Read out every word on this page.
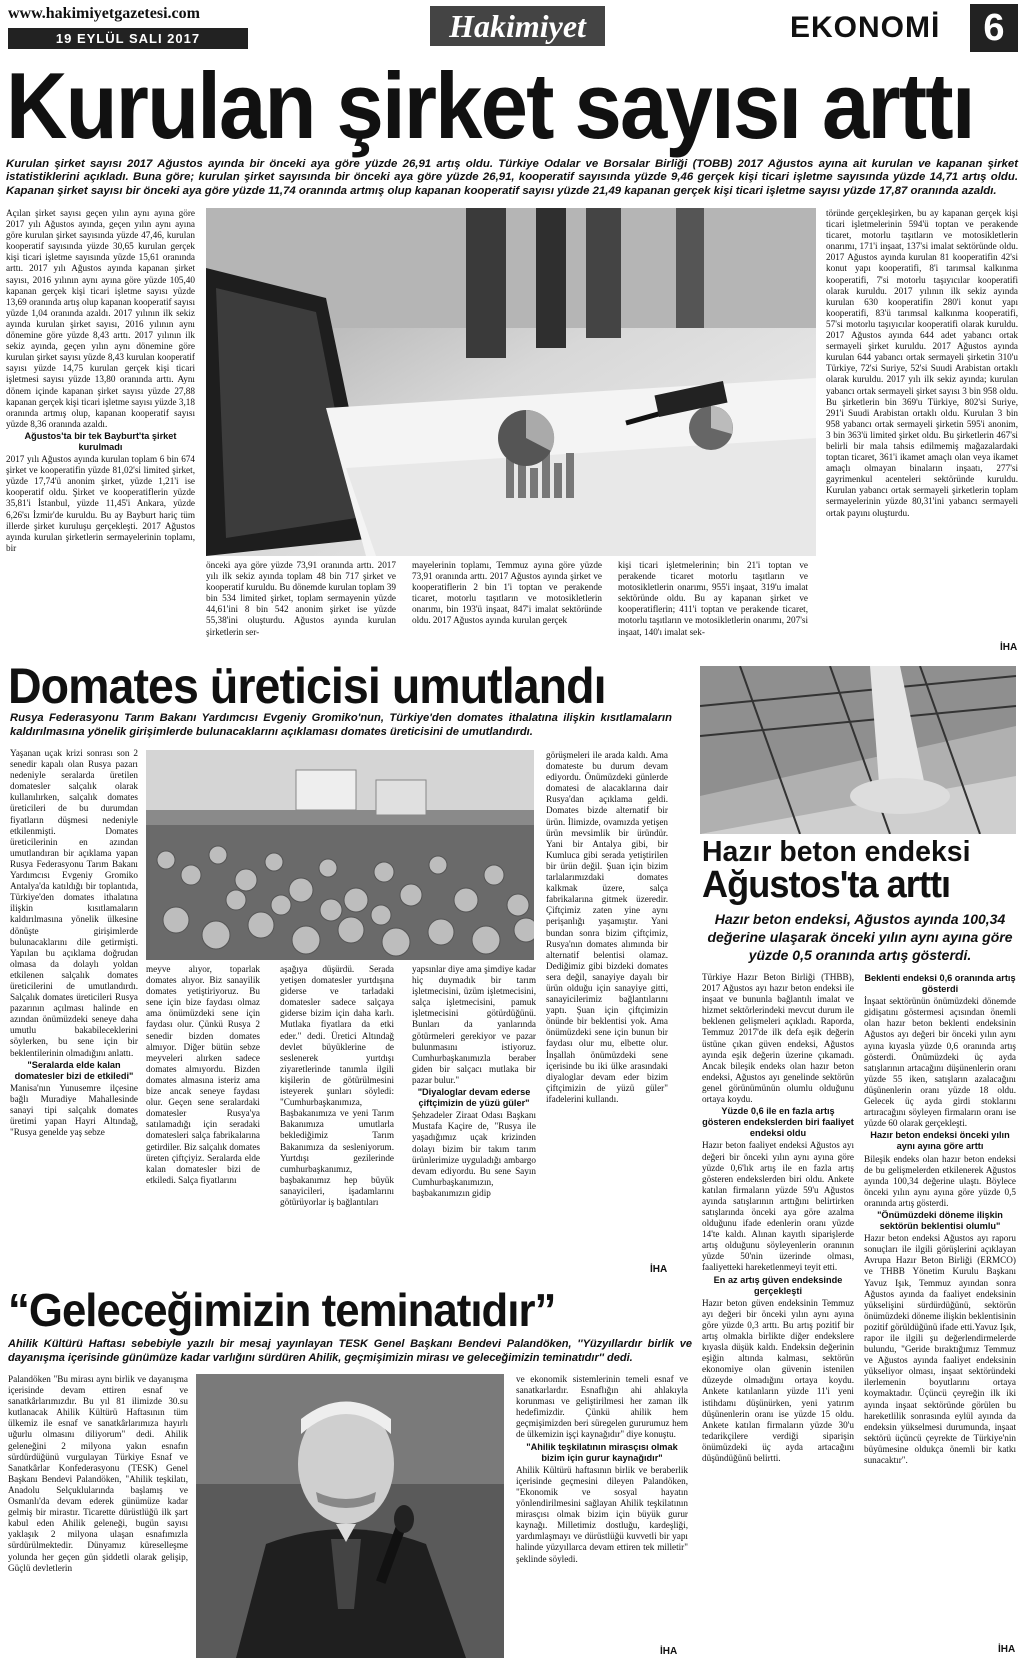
www.hakimiyetgazetesi.com
19 EYLÜL SALI 2017	Hakimiyet	EKONOMİ	6
Kurulan şirket sayısı arttı
Kurulan şirket sayısı 2017 Ağustos ayında bir önceki aya göre yüzde 26,91 artış oldu. Türkiye Odalar ve Borsalar Birliği (TOBB) 2017 Ağustos ayına ait kurulan ve kapanan şirket istatistiklerini açıkladı. Buna göre; kurulan şirket sayısında bir önceki aya göre yüzde 26,91, kooperatif sayısında yüzde 9,46 gerçek kişi ticari işletme sayısında yüzde 14,71 artış oldu. Kapanan şirket sayısı bir önceki aya göre yüzde 11,74 oranında artmış olup kapanan kooperatif sayısı yüzde 21,49 kapanan gerçek kişi ticari işletme sayısı yüzde 17,87 oranında azaldı.

Açılan şirket sayısı geçen yılın aynı ayına göre 2017 yılı Ağustos ayında, geçen yılın aynı ayına göre kurulan şirket sayısında yüzde 47,46, kurulan kooperatif sayısında yüzde 30,65 kurulan gerçek kişi ticari işletme sayısında yüzde 15,61 oranında arttı. 2017 yılı Ağustos ayında kapanan şirket sayısı, 2016 yılının aynı ayına göre yüzde 105,40 kapanan gerçek kişi ticari işletme sayısı yüzde 13,69 oranında artış olup kapanan kooperatif sayısı yüzde 1,04 oranında azaldı. 2017 yılının ilk sekiz ayında kurulan şirket sayısı, 2016 yılının aynı dönemine göre yüzde 8,43 arttı. 2017 yılının ilk sekiz ayında, geçen yılın aynı dönemine göre kurulan şirket sayısı yüzde 8,43 kurulan kooperatif sayısı yüzde 14,75 kurulan gerçek kişi ticari işletmesi sayısı yüzde 13,80 oranında arttı. Aynı dönem içinde kapanan şirket sayısı yüzde 27,88 kapanan gerçek kişi ticari işletme sayısı yüzde 3,18 oranında artmış olup, kapanan kooperatif sayısı yüzde 8,36 oranında azaldı.

Ağustos'ta bir tek Bayburt'ta şirket kurulmadı

2017 yılı Ağustos ayında kurulan toplam 6 bin 674 şirket ve kooperatifin yüzde 81,02'si limited şirket, yüzde 17,74'ü anonim şirket, yüzde 1,21'i ise kooperatif oldu. Şirket ve kooperatiflerin yüzde 35,81'i İstanbul, yüzde 11,45'i Ankara, yüzde 6,26'sı İzmir'de kuruldu. Bu ay Bayburt hariç tüm illerde şirket kuruluşu gerçekleşti. 2017 Ağustos ayında kurulan şirketlerin sermayelerinin toplamı, bir

önceki aya göre yüzde 73,91 oranında arttı. 2017 yılı ilk sekiz ayında toplam 48 bin 717 şirket ve kooperatif kuruldu. Bu dönemde kurulan toplam 39 bin 534 limited şirket, toplam sermayenin yüzde 44,61'ini 8 bin 542 anonim şirket ise yüzde 55,38'ini oluşturdu. Ağustos ayında kurulan şirketlerin ser-

mayelerinin toplamı, Temmuz ayına göre yüzde 73,91 oranında arttı. 2017 Ağustos ayında şirket ve kooperatiflerin 2 bin 1'i toptan ve perakende ticaret, motorlu taşıtların ve motosikletlerin onarımı, bin 193'ü inşaat, 847'i imalat sektöründe oldu. 2017 Ağustos ayında kurulan gerçek

kişi ticari işletmelerinin; bin 21'i toptan ve perakende ticaret motorlu taşıtların ve motosikletlerin onarımı, 955'i inşaat, 319'u imalat sektöründe oldu. Bu ay kapanan şirket ve kooperatiflerin; 411'i toptan ve perakende ticaret, motorlu taşıtların ve motosikletlerin onarımı, 207'si inşaat, 140'ı imalat sek-

töründe gerçekleşirken, bu ay kapanan gerçek kişi ticari işletmelerinin 594'ü toptan ve perakende ticaret, motorlu taşıtların ve motosikletlerin onarımı, 171'i inşaat, 137'si imalat sektöründe oldu. 2017 Ağustos ayında kurulan 81 kooperatifin 42'si konut yapı kooperatifi, 8'i tarımsal kalkınma kooperatifi, 7'si motorlu taşıyıcılar kooperatifi olarak kuruldu. 2017 yılının ilk sekiz ayında kurulan 630 kooperatifin 280'i konut yapı kooperatifi, 83'ü tarımsal kalkınma kooperatifi, 57'si motorlu taşıyıcılar kooperatifi olarak kuruldu. 2017 Ağustos ayında 644 adet yabancı ortak sermayeli şirket kuruldu. 2017 Ağustos ayında kurulan 644 yabancı ortak sermayeli şirketin 310'u Türkiye, 72'si Suriye, 52'si Suudi Arabistan ortaklı olarak kuruldu. 2017 yılı ilk sekiz ayında; kurulan yabancı ortak sermayeli şirket sayısı 3 bin 958 oldu. Bu şirketlerin bin 369'u Türkiye, 802'si Suriye, 291'i Suudi Arabistan ortaklı oldu. Kurulan 3 bin 958 yabancı ortak sermayeli şirketin 595'i anonim, 3 bin 363'ü limited şirket oldu. Bu şirketlerin 467'si belirli bir mala tahsis edilmemiş mağazalardaki toptan ticaret, 361'i ikamet amaçlı olan veya ikamet amaçlı olmayan binaların inşaatı, 277'si gayrimenkul acenteleri sektöründe kuruldu. Kurulan yabancı ortak sermayeli şirketlerin toplam sermayelerinin yüzde 80,31'ini yabancı sermayeli ortak payını oluşturdu.

İHA
Domates üreticisi umutlandı
Rusya Federasyonu Tarım Bakanı Yardımcısı Evgeniy Gromiko'nun, Türkiye'den domates ithalatına ilişkin kısıtlamaların kaldırılmasına yönelik girişimlerde bulunacaklarını açıklaması domates üreticisini de umutlandırdı.

Yaşanan uçak krizi sonrası son 2 senedir kapalı olan Rusya pazarı nedeniyle seralarda üretilen domatesler salçalık olarak kullanılırken, salçalık domates üreticileri de bu durumdan fiyatların düşmesi nedeniyle etkilenmişti. Domates üreticilerinin en azından umutlandıran bir açıklama yapan Rusya Federasyonu Tarım Bakanı Yardımcısı Evgeniy Gromiko Antalya'da katıldığı bir toplantıda, Türkiye'den domates ithalatına ilişkin kısıtlamaların kaldırılmasına yönelik ülkesine dönüşte girişimlerde bulunacaklarını dile getirmişti. Yapılan bu açıklama doğrudan olmasa da dolaylı yoldan etkilenen salçalık domates üreticilerini de umutlandırdı. Salçalık domates üreticileri Rusya pazarının açılması halinde en azından önümüzdeki seneye daha umutlu bakabileceklerini söylerken, bu sene için bir beklentilerinin olmadığını anlattı.

"Seralarda elde kalan domatesler bizi de etkiledi"

Manisa'nın Yunusemre ilçesine bağlı Muradiye Mahallesinde sanayi tipi salçalık domates üretimi yapan Hayri Altındağ, "Rusya genelde yaş sebze

meyve alıyor, toparlak domates alıyor. Biz sanayilik domates yetiştiriyoruz. Bu sene için bize faydası olmaz ama önümüzdeki sene için faydası olur. Çünkü Rusya 2 senedir bizden domates almıyor. Diğer bütün sebze meyveleri alırken sadece domates almıyordu. Bizden domates almasına isteriz ama bize ancak seneye faydası olur. Geçen sene seralardaki domatesler Rusya'ya satılamadığı için seradaki domatesleri salça fabrikalarına getirdiler. Biz salçalık domates üreten çiftçiyiz. Seralarda elde kalan domatesler bizi de etkiledi. Salça fiyatlarını

aşağıya düşürdü. Serada yetişen domatesler yurtdışına giderse ve tarladaki domatesler sadece salçaya giderse bizim için daha karlı. Mutlaka fiyatlara da etki eder." dedi. Üretici Altındağ devlet büyüklerine de seslenerek yurtdışı ziyaretlerinde tanımla ilgili kişilerin de götürülmesini isteyerek şunları söyledi: "Cumhurbaşkanımıza, Başbakanımıza ve yeni Tarım Bakanımıza umutlarla beklediğimiz Tarım Bakanımıza da sesleniyorum. Yurtdışı gezilerinde cumhurbaşkanımız, başbakanımız hep büyük sanayicileri, işadamlarını götürüyorlar iş bağlantıları

yapsınlar diye ama şimdiye kadar hiç duymadık bir tarım işletmecisini, üzüm işletmecisini, salça işletmecisini, pamuk işletmecisini götürdüğünü. Bunları da yanlarında götürmeleri gerekiyor ve pazar bulunmasını istiyoruz. Cumhurbaşkanımızla beraber giden bir salçacı mutlaka bir pazar bulur."

"Diyaloglar devam ederse çiftçimizin de yüzü güler"

Şehzadeler Ziraat Odası Başkanı Mustafa Kaçire de, "Rusya ile yaşadığımız uçak krizinden dolayı bizim bir takım tarım ürünlerimize uyguladığı ambargo devam ediyordu. Bu sene Sayın Cumhurbaşkanımızın, başbakanımızın gidip

görüşmeleri ile arada kaldı. Ama domateste bu durum devam ediyordu. Önümüzdeki günlerde domatesi de alacaklarına dair Rusya'dan açıklama geldi. Domates bizde alternatif bir ürün. İlimizde, ovamızda yetişen ürün mevsimlik bir üründür. Yani bir Antalya gibi, bir Kumluca gibi serada yetiştirilen bir ürün değil. Şuan için bizim tarlalarımızdaki domates kalkmak üzere, salça fabrikalarına gitmek üzeredir. Çiftçimiz zaten yine aynı perişanlığı yaşamıştır. Yani bundan sonra bizim çiftçimiz, Rusya'nın domates alımında bir alternatif belentisi olamaz. Dediğimiz gibi bizdeki domates sera değil, sanayiye dayalı bir ürün olduğu için sanayiye gitti, sanayicilerimiz bağlantılarını yaptı. Şuan için çiftçimizin önünde bir beklentisi yok. Ama önümüzdeki sene için bunun bir faydası olur mu, elbette olur. İnşallah önümüzdeki sene içerisinde bu iki ülke arasındaki diyaloglar devam eder bizim çiftçimizin de yüzü güler" ifadelerini kullandı.

İHA
Hazır beton endeksi
Ağustos'ta arttı
Hazır beton endeksi, Ağustos ayında 100,34 değerine ulaşarak önceki yılın aynı ayına göre yüzde 0,5 oranında artış gösterdi.

Türkiye Hazır Beton Birliği (THBB), 2017 Ağustos ayı hazır beton endeksi ile inşaat ve bununla bağlantılı imalat ve hizmet sektörlerindeki mevcut durum ile beklenen gelişmeleri açıkladı. Raporda, Temmuz 2017'de ilk defa eşik değerin üstüne çıkan güven endeksi, Ağustos ayında eşik değerin üzerine çıkamadı. Ancak bileşik endeks olan hazır beton endeksi, Ağustos ayı genelinde sektörün genel görünümünün olumlu olduğunu ortaya koydu.

Yüzde 0,6 ile en fazla artış gösteren endekslerden biri faaliyet endeksi oldu

Hazır beton faaliyet endeksi Ağustos ayı değeri bir önceki yılın aynı ayına göre yüzde 0,6'lık artış ile en fazla artış gösteren endekslerden biri oldu. Ankete katılan firmaların yüzde 59'u Ağustos ayında satışlarının arttığını belirtirken satışlarında önceki aya göre azalma olduğunu ifade edenlerin oranı yüzde 14'te kaldı. Alınan kayıtlı siparişlerde artış olduğunu söyleyenlerin oranının yüzde 50'nin üzerinde olması, faaliyetteki hareketlenmeyi teyit etti.

En az artış güven endeksinde gerçekleşti

Hazır beton güven endeksinin Temmuz ayı değeri bir önceki yılın aynı ayına göre yüzde 0,3 arttı. Bu artış pozitif bir artış olmakla birlikte diğer endekslere kıyasla düşük kaldı. Endeksin değerinin eşiğin altında kalması, sektörün ekonomiye olan güvenin istenilen düzeyde olmadığını ortaya koydu. Ankete katılanların yüzde 11'i yeni istihdamı düşünürken, yeni yatırım düşünenlerin oranı ise yüzde 15 oldu. Ankete katılan firmaların yüzde 30'u tedarikçilere verdiği siparişin önümüzdeki üç ayda artacağını düşündüğünü belirtti.

Beklenti endeksi 0,6 oranında artış gösterdi

İnşaat sektörünün önümüzdeki dönemde gidişatını göstermesi açısından önemli olan hazır beton beklenti endeksinin Ağustos ayı değeri bir önceki yılın aynı ayına kıyasla yüzde 0,6 oranında artış gösterdi. Önümüzdeki üç ayda satışlarının artacağını düşünenlerin oranı yüzde 55 iken, satışların azalacağını düşünenlerin oranı yüzde 18 oldu. Gelecek üç ayda girdi stoklarını artıracağını söyleyen firmaların oranı ise yüzde 60 olarak gerçekleşti.

Hazır beton endeksi önceki yılın aynı ayına göre arttı

Bileşik endeks olan hazır beton endeksi de bu gelişmelerden etkilenerek Ağustos ayında 100,34 değerine ulaştı. Böylece önceki yılın aynı ayına göre yüzde 0,5 oranında artış gösterdi.

"Önümüzdeki döneme ilişkin sektörün beklentisi olumlu"

Hazır beton endeksi Ağustos ayı raporu sonuçları ile ilgili görüşlerini açıklayan Avrupa Hazır Beton Birliği (ERMCO) ve THBB Yönetim Kurulu Başkanı Yavuz Işık, Temmuz ayından sonra Ağustos ayında da faaliyet endeksinin yükselişini sürdürdüğünü, sektörün önümüzdeki döneme ilişkin beklentisinin pozitif görüldüğünü ifade etti.Yavuz Işık, rapor ile ilgili şu değerlendirmelerde bulundu, "Geride bıraktığımız Temmuz ve Ağustos ayında faaliyet endeksinin yükseliyor olması, inşaat sektöründeki ilerlemenin boyutlarını ortaya koymaktadır. Üçüncü çeyreğin ilk iki ayında inşaat sektöründe görülen bu hareketlilik sonrasında eylül ayında da endeksin yükselmesi durumunda, inşaat sektörü üçüncü çeyrekte de Türkiye'nin büyümesine oldukça önemli bir katkı sunacaktır".

İHA
“Geleceğimizin teminatıdır”
Ahilik Kültürü Haftası sebebiyle yazılı bir mesaj yayınlayan TESK Genel Başkanı Bendevi Palandöken, ''Yüzyıllardır birlik ve dayanışma içerisinde günümüze kadar varlığını sürdüren Ahilik, geçmişimizin mirası ve geleceğimizin teminatıdır'' dedi.

Palandöken "Bu mirası aynı birlik ve dayanışma içerisinde devam ettiren esnaf ve sanatkârlarımızdır. Bu yıl 81 ilimizde 30.su kutlanacak Ahilik Kültürü Haftasının tüm ülkemiz ile esnaf ve sanatkârlarımıza hayırlı uğurlu olmasını diliyorum" dedi. Ahilik geleneğini 2 milyona yakın esnafın sürdürdüğünü vurgulayan Türkiye Esnaf ve Sanatkârlar Konfederasyonu (TESK) Genel Başkanı Bendevi Palandöken, "Ahilik teşkilatı, Anadolu Selçuklularında başlamış ve Osmanlı'da devam ederek günümüze kadar gelmiş bir mirastır. Ticarette dürüstlüğü ilk şart kabul eden Ahilik geleneği, bugün sayısı yaklaşık 2 milyona ulaşan esnafımızla sürdürülmektedir. Dünyamız küreselleşme yolunda her geçen gün şiddetli olarak gelişip, Güçlü devletlerin

ve ekonomik sistemlerinin temeli esnaf ve sanatkarlardır. Esnaflığın ahi ahlakıyla korunması ve geliştirilmesi her zaman ilk hedefimizdir. Çünkü ahilik hem geçmişimizden beri süregelen gururumuz hem de ülkemizin işçi kaynağıdır" diye konuştu.

"Ahilik teşkilatının mirasçısı olmak bizim için gurur kaynağıdır"

Ahilik Kültürü haftasının birlik ve beraberlik içerisinde geçmesini dileyen Palandöken, "Ekonomik ve sosyal hayatın yönlendirilmesini sağlayan Ahilik teşkilatının mirasçısı olmak bizim için büyük gurur kaynağı. Milletimiz dostluğu, kardeşliği, yardımlaşmayı ve dürüstlüğü kuvvetli bir yapı halinde yüzyıllarca devam ettiren tek milletir" şeklinde söyledi.

İHA
